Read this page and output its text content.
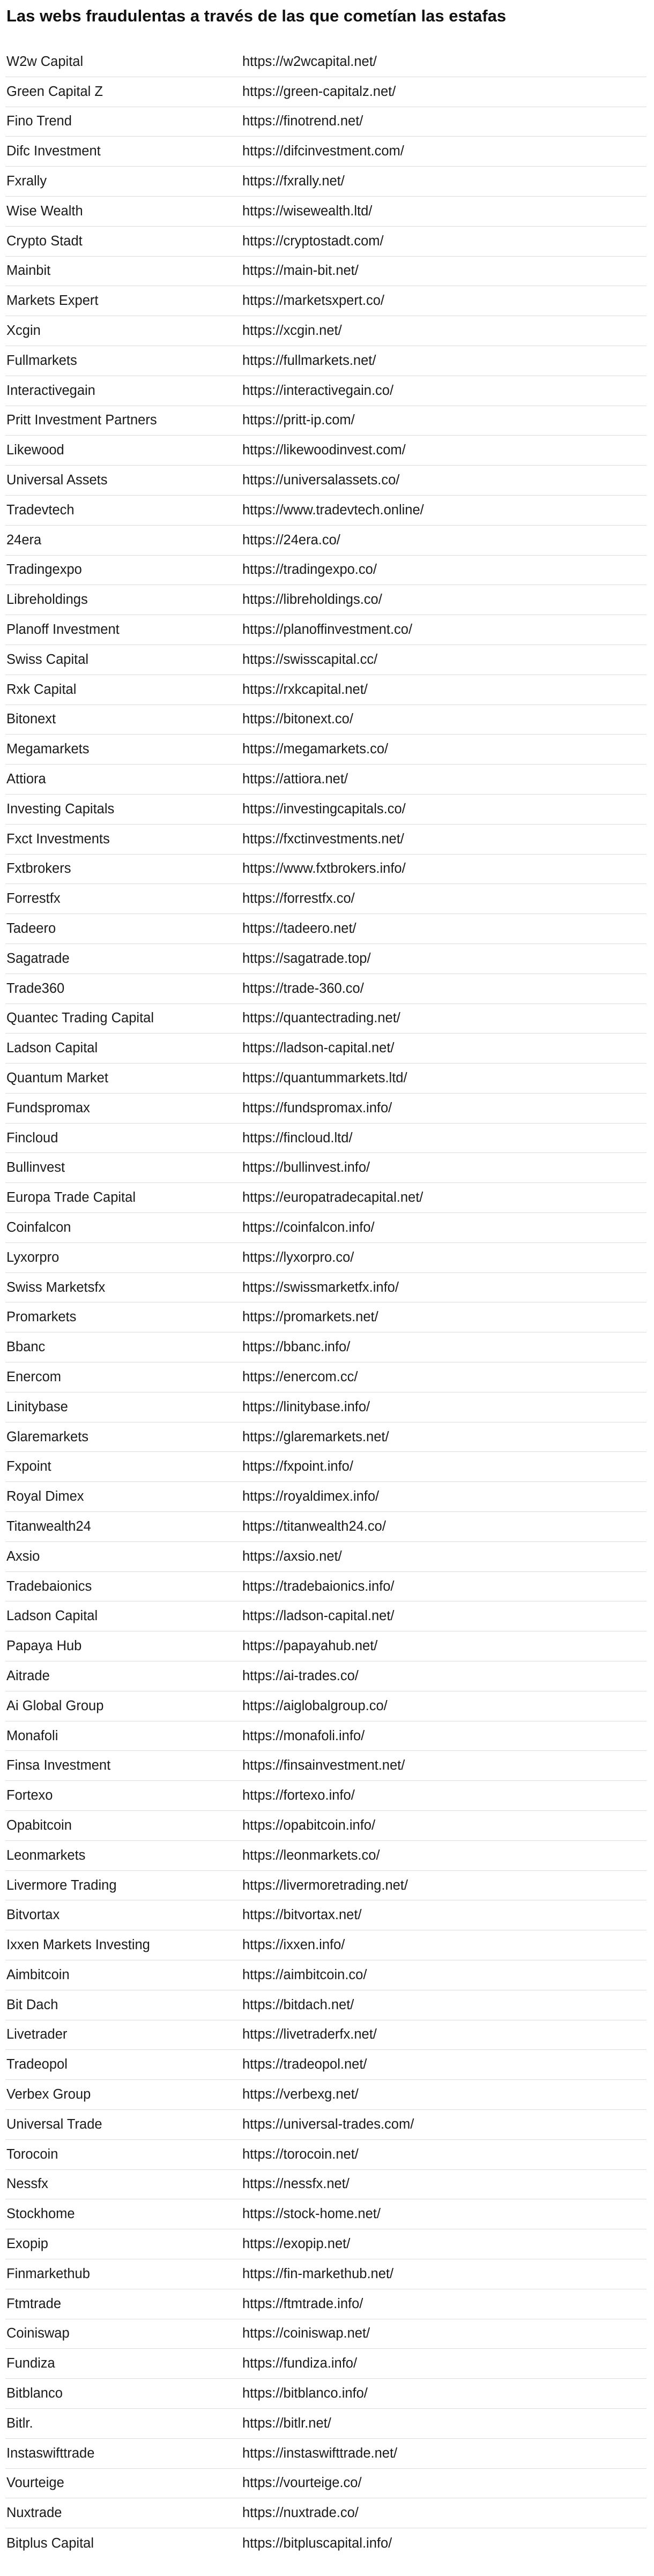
Las webs fraudulentas a través de las que cometían las estafas
W2w Capital	https://w2wcapital.net/
Green Capital Z	https://green-capitalz.net/
Fino Trend	https://finotrend.net/
Difc Investment	https://difcinvestment.com/
Fxrally	https://fxrally.net/
Wise Wealth	https://wisewealth.ltd/
Crypto Stadt	https://cryptostadt.com/
Mainbit	https://main-bit.net/
Markets Expert	https://marketsxpert.co/
Xcgin	https://xcgin.net/
Fullmarkets	https://fullmarkets.net/
Interactivegain	https://interactivegain.co/
Pritt Investment Partners	https://pritt-ip.com/
Likewood	https://likewoodinvest.com/
Universal Assets	https://universalassets.co/
Tradevtech	https://www.tradevtech.online/
24era	https://24era.co/
Tradingexpo	https://tradingexpo.co/
Libreholdings	https://libreholdings.co/
Planoff Investment	https://planoffinvestment.co/
Swiss Capital	https://swisscapital.cc/
Rxk Capital	https://rxkcapital.net/
Bitonext	https://bitonext.co/
Megamarkets	https://megamarkets.co/
Attiora	https://attiora.net/
Investing Capitals	https://investingcapitals.co/
Fxct Investments	https://fxctinvestments.net/
Fxtbrokers	https://www.fxtbrokers.info/
Forrestfx	https://forrestfx.co/
Tadeero	https://tadeero.net/
Sagatrade	https://sagatrade.top/
Trade360	https://trade-360.co/
Quantec Trading Capital	https://quantectrading.net/
Ladson Capital	https://ladson-capital.net/
Quantum Market	https://quantummarkets.ltd/
Fundspromax	https://fundspromax.info/
Fincloud	https://fincloud.ltd/
Bullinvest	https://bullinvest.info/
Europa Trade Capital	https://europatradecapital.net/
Coinfalcon	https://coinfalcon.info/
Lyxorpro	https://lyxorpro.co/
Swiss Marketsfx	https://swissmarketfx.info/
Promarkets	https://promarkets.net/
Bbanc	https://bbanc.info/
Enercom	https://enercom.cc/
Linitybase	https://linitybase.info/
Glaremarkets	https://glaremarkets.net/
Fxpoint	https://fxpoint.info/
Royal Dimex	https://royaldimex.info/
Titanwealth24	https://titanwealth24.co/
Axsio	https://axsio.net/
Tradebaionics	https://tradebaionics.info/
Ladson Capital	https://ladson-capital.net/
Papaya Hub	https://papayahub.net/
Aitrade	https://ai-trades.co/
Ai Global Group	https://aiglobalgroup.co/
Monafoli	https://monafoli.info/
Finsa Investment	https://finsainvestment.net/
Fortexo	https://fortexo.info/
Opabitcoin	https://opabitcoin.info/
Leonmarkets	https://leonmarkets.co/
Livermore Trading	https://livermoretrading.net/
Bitvortax	https://bitvortax.net/
Ixxen Markets Investing	https://ixxen.info/
Aimbitcoin	https://aimbitcoin.co/
Bit Dach	https://bitdach.net/
Livetrader	https://livetraderfx.net/
Tradeopol	https://tradeopol.net/
Verbex Group	https://verbexg.net/
Universal Trade	https://universal-trades.com/
Torocoin	https://torocoin.net/
Nessfx	https://nessfx.net/
Stockhome	https://stock-home.net/
Exopip	https://exopip.net/
Finmarkethub	https://fin-markethub.net/
Ftmtrade	https://ftmtrade.info/
Coiniswap	https://coiniswap.net/
Fundiza	https://fundiza.info/
Bitblanco	https://bitblanco.info/
Bitlr.	https://bitlr.net/
Instaswifttrade	https://instaswifttrade.net/
Vourteige	https://vourteige.co/
Nuxtrade	https://nuxtrade.co/
Bitplus Capital	https://bitpluscapital.info/
